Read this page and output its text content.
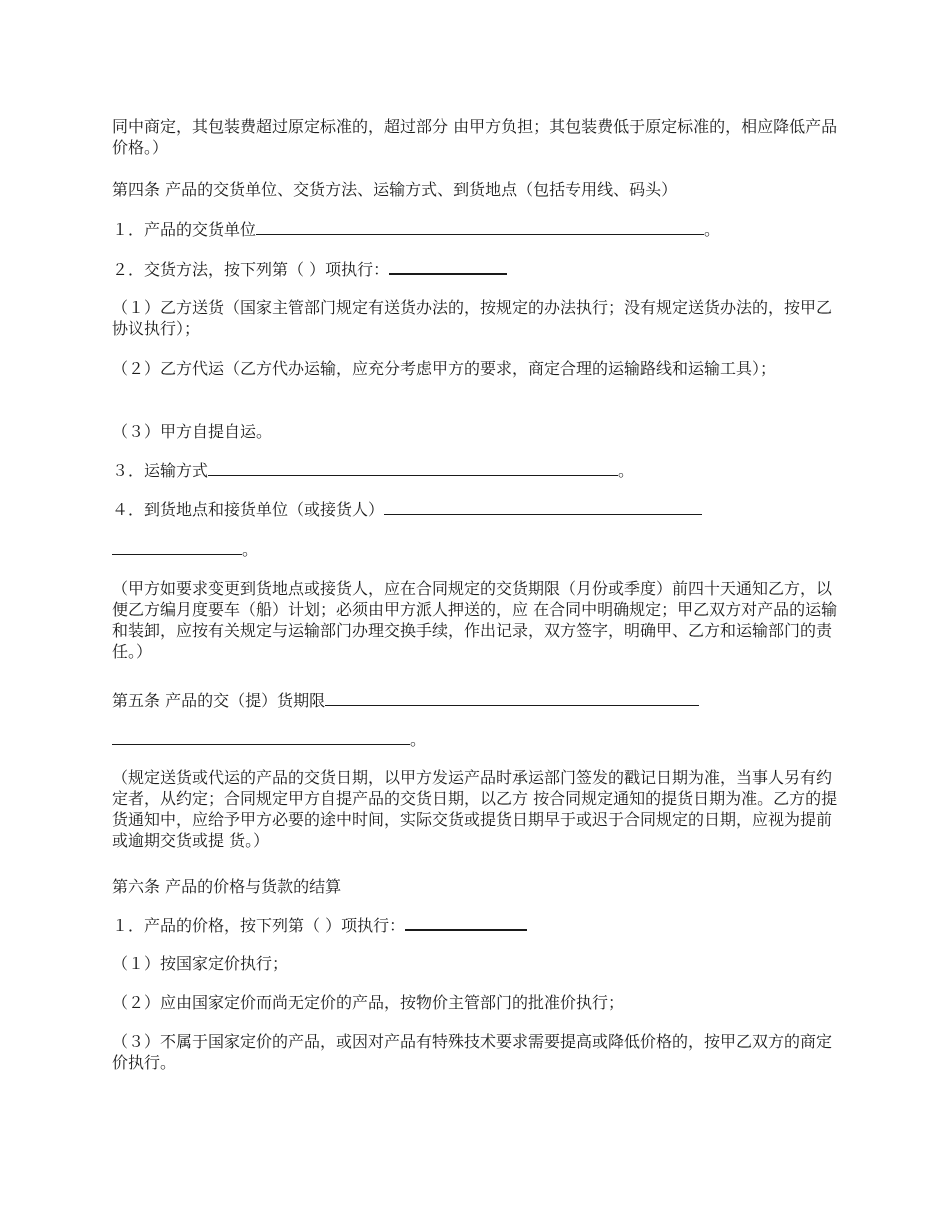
同中商定，其包装费超过原定标准的，超过部分 由甲方负担；其包装费低于原定标准的，相应降低产品价格。）

第四条 产品的交货单位、交货方法、运输方式、到货地点（包括专用线、码头）

１．产品的交货单位	。

２．交货方法，按下列第（ ）项执行：

（１）乙方送货（国家主管部门规定有送货办法的，按规定的办法执行；没有规定送货办法的，按甲乙协议执行）；

（２）乙方代运（乙方代办运输，应充分考虑甲方的要求，商定合理的运输路线和运输工具）；

（３）甲方自提自运。

３．运输方式	。

４．到货地点和接货单位（或接货人）

。

（甲方如要求变更到货地点或接货人，应在合同规定的交货期限（月份或季度）前四十天通知乙方，以便乙方编月度要车（船）计划；必须由甲方派人押送的，应 在合同中明确规定；甲乙双方对产品的运输和装卸，应按有关规定与运输部门办理交换手续，作出记录，双方签字，明确甲、乙方和运输部门的责任。）

第五条 产品的交（提）货期限

。

（规定送货或代运的产品的交货日期，以甲方发运产品时承运部门签发的戳记日期为准，当事人另有约定者，从约定；合同规定甲方自提产品的交货日期，以乙方 按合同规定通知的提货日期为准。乙方的提货通知中，应给予甲方必要的途中时间，实际交货或提货日期早于或迟于合同规定的日期，应视为提前或逾期交货或提 货。）

第六条 产品的价格与货款的结算

１．产品的价格，按下列第（ ）项执行：

（１）按国家定价执行；

（２）应由国家定价而尚无定价的产品，按物价主管部门的批准价执行；

（３）不属于国家定价的产品，或因对产品有特殊技术要求需要提高或降低价格的，按甲乙双方的商定价执行。
